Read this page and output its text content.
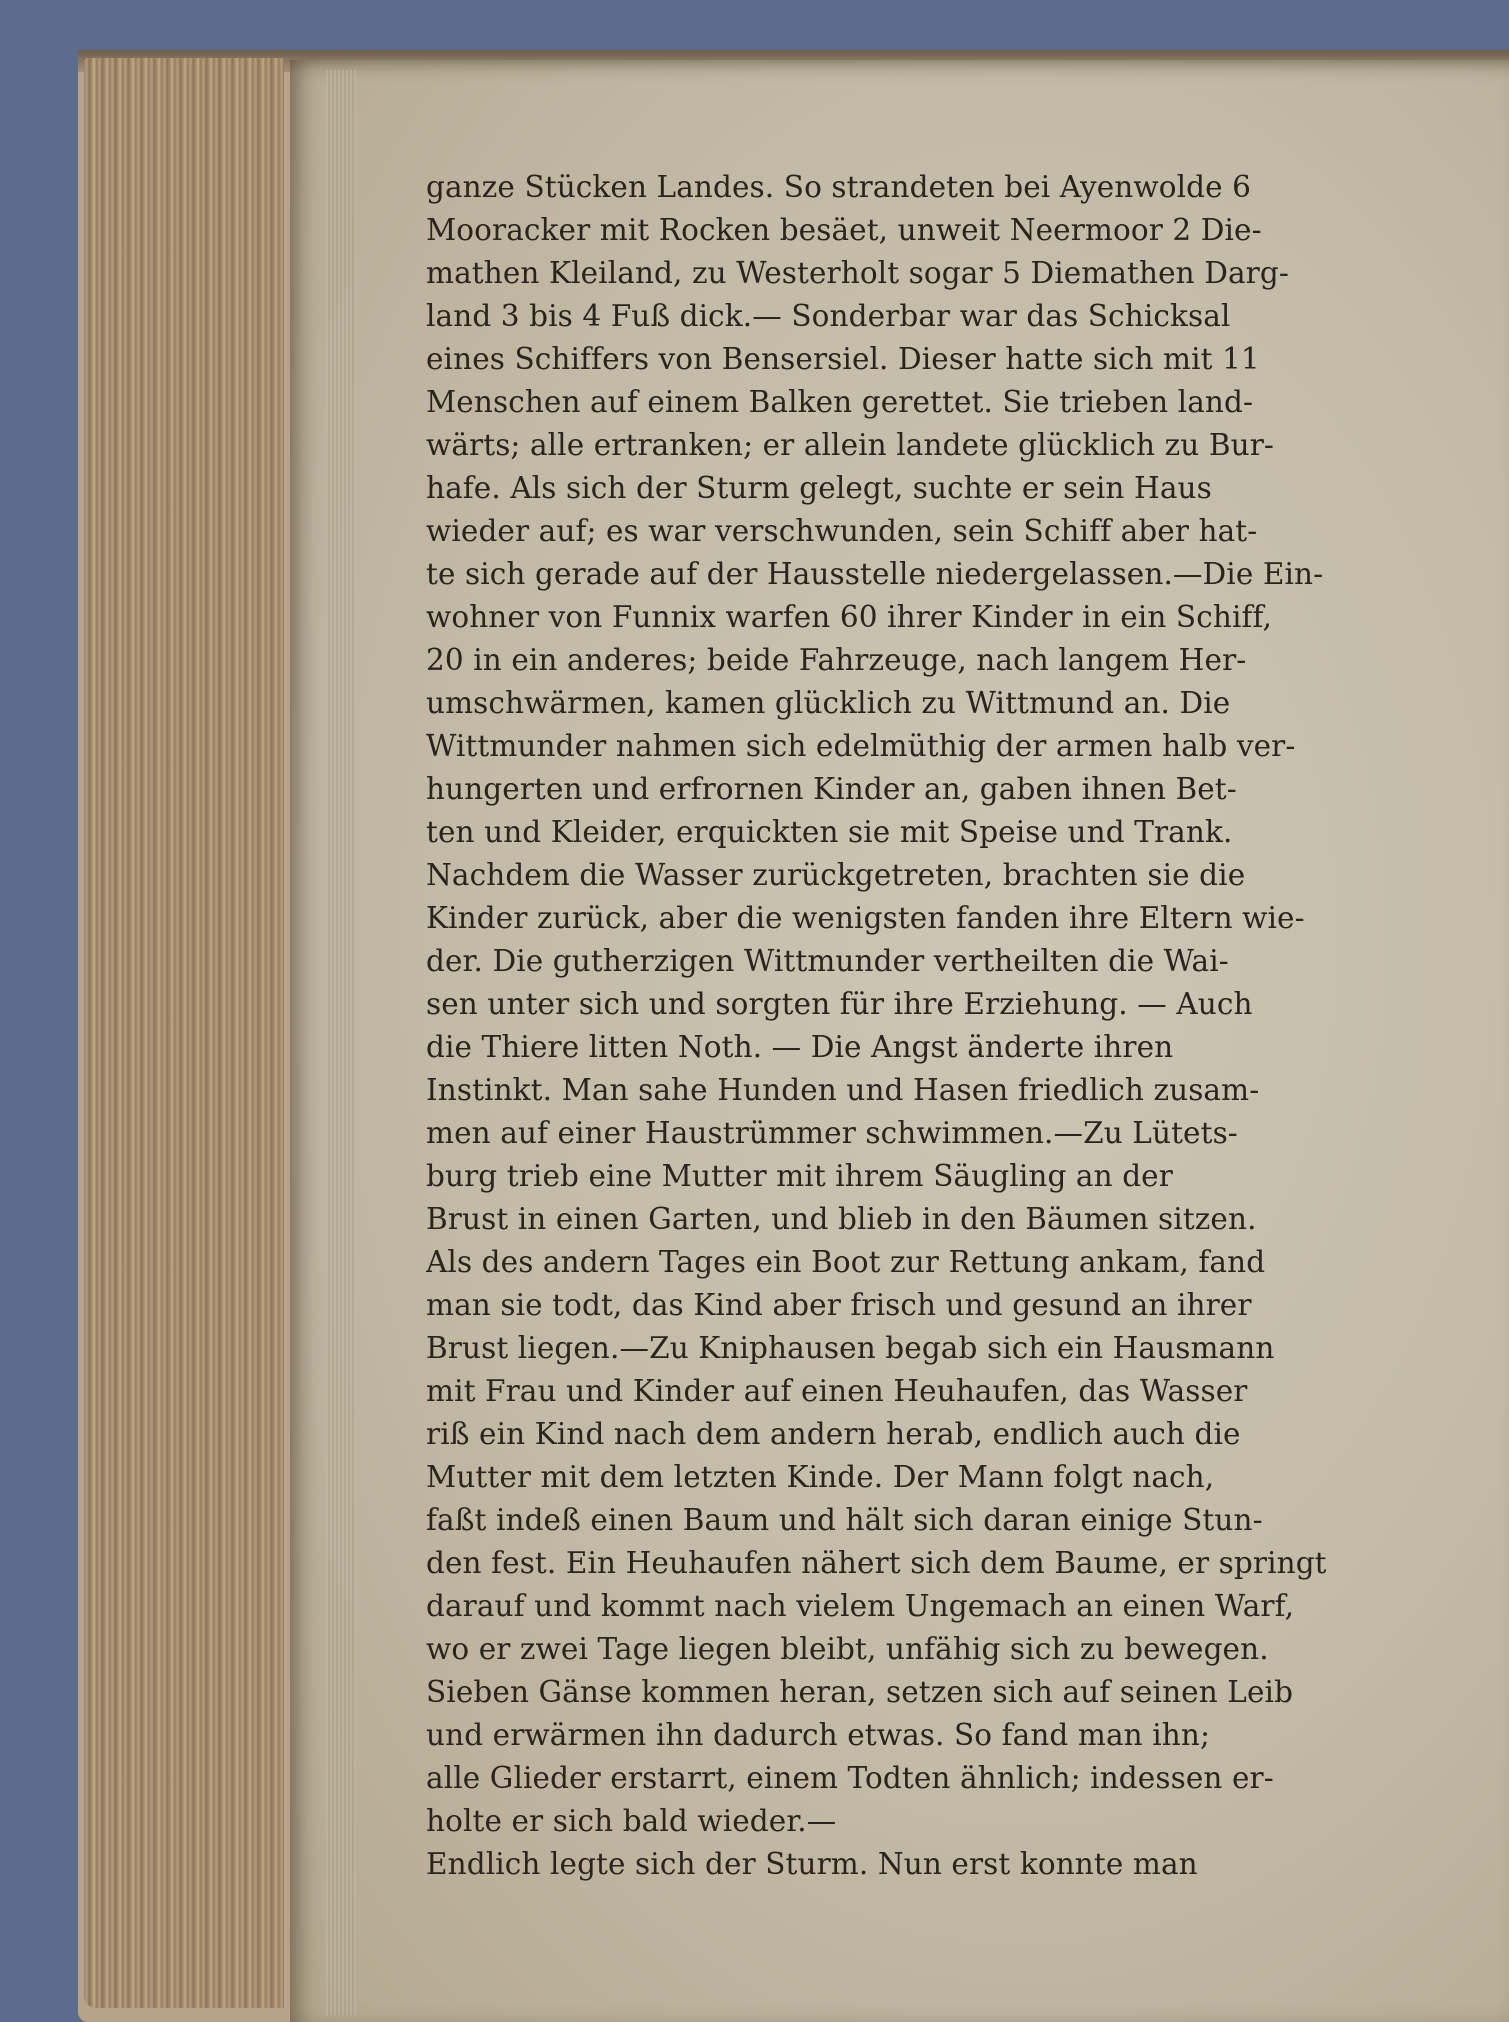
ganze Stücken Landes. So strandeten bei Ayenwolde 6
Mooracker mit Rocken besäet, unweit Neermoor 2 Die-
mathen Kleiland, zu Westerholt sogar 5 Diemathen Darg-
land 3 bis 4 Fuß dick.— Sonderbar war das Schicksal
eines Schiffers von Bensersiel. Dieser hatte sich mit 11
Menschen auf einem Balken gerettet. Sie trieben land-
wärts; alle ertranken; er allein landete glücklich zu Bur-
hafe. Als sich der Sturm gelegt, suchte er sein Haus
wieder auf; es war verschwunden, sein Schiff aber hat-
te sich gerade auf der Hausstelle niedergelassen.—Die Ein-
wohner von Funnix warfen 60 ihrer Kinder in ein Schiff,
20 in ein anderes; beide Fahrzeuge, nach langem Her-
umschwärmen, kamen glücklich zu Wittmund an. Die
Wittmunder nahmen sich edelmüthig der armen halb ver-
hungerten und erfrornen Kinder an, gaben ihnen Bet-
ten und Kleider, erquickten sie mit Speise und Trank.
Nachdem die Wasser zurückgetreten, brachten sie die
Kinder zurück, aber die wenigsten fanden ihre Eltern wie-
der. Die gutherzigen Wittmunder vertheilten die Wai-
sen unter sich und sorgten für ihre Erziehung. — Auch
die Thiere litten Noth. — Die Angst änderte ihren
Instinkt. Man sahe Hunden und Hasen friedlich zusam-
men auf einer Haustrümmer schwimmen.—Zu Lütets-
burg trieb eine Mutter mit ihrem Säugling an der
Brust in einen Garten, und blieb in den Bäumen sitzen.
Als des andern Tages ein Boot zur Rettung ankam, fand
man sie todt, das Kind aber frisch und gesund an ihrer
Brust liegen.—Zu Kniphausen begab sich ein Hausmann
mit Frau und Kinder auf einen Heuhaufen, das Wasser
riß ein Kind nach dem andern herab, endlich auch die
Mutter mit dem letzten Kinde. Der Mann folgt nach,
faßt indeß einen Baum und hält sich daran einige Stun-
den fest. Ein Heuhaufen nähert sich dem Baume, er springt
darauf und kommt nach vielem Ungemach an einen Warf,
wo er zwei Tage liegen bleibt, unfähig sich zu bewegen.
Sieben Gänse kommen heran, setzen sich auf seinen Leib
und erwärmen ihn dadurch etwas. So fand man ihn;
alle Glieder erstarrt, einem Todten ähnlich; indessen er-
holte er sich bald wieder.—
Endlich legte sich der Sturm. Nun erst konnte man
